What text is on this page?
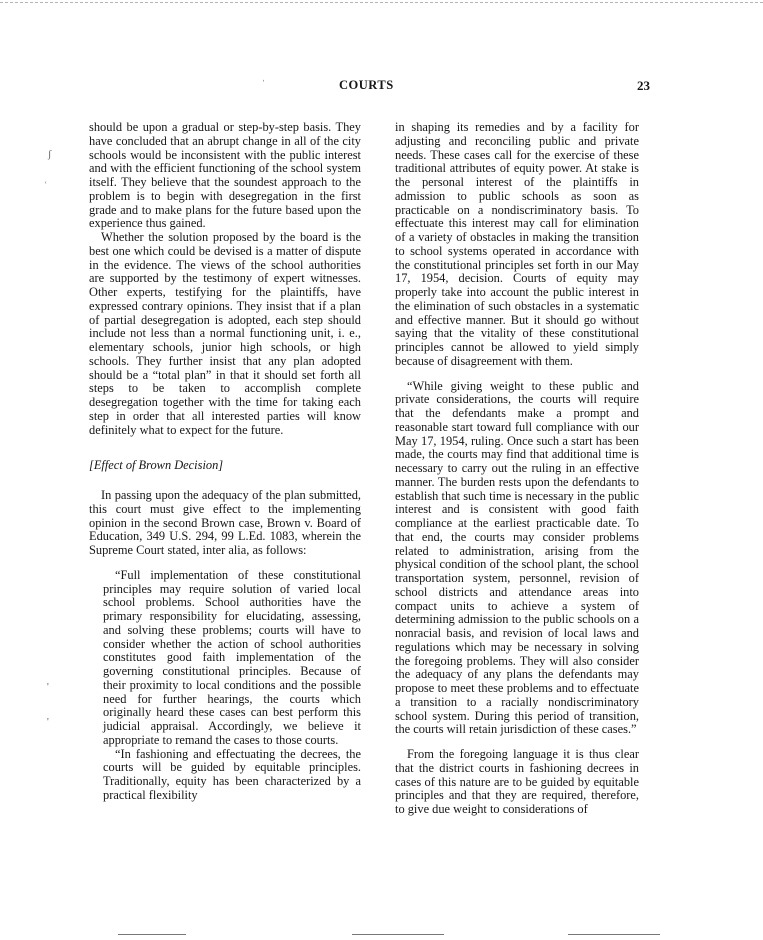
COURTS	23

should be upon a gradual or step-by-step basis. They have concluded that an abrupt change in all of the city schools would be inconsistent with the public interest and with the efficient functioning of the school system itself. They believe that the soundest approach to the problem is to begin with desegregation in the first grade and to make plans for the future based upon the experience thus gained.

Whether the solution proposed by the board is the best one which could be devised is a matter of dispute in the evidence. The views of the school authorities are supported by the testimony of expert witnesses. Other experts, testifying for the plaintiffs, have expressed contrary opinions. They insist that if a plan of partial desegregation is adopted, each step should include not less than a normal functioning unit, i. e., elementary schools, junior high schools, or high schools. They further insist that any plan adopted should be a “total plan” in that it should set forth all steps to be taken to accomplish complete desegregation together with the time for taking each step in order that all interested parties will know definitely what to expect for the future.

[Effect of Brown Decision]

In passing upon the adequacy of the plan submitted, this court must give effect to the implementing opinion in the second Brown case, Brown v. Board of Education, 349 U.S. 294, 99 L.Ed. 1083, wherein the Supreme Court stated, inter alia, as follows:

“Full implementation of these constitutional principles may require solution of varied local school problems. School authorities have the primary responsibility for elucidating, assessing, and solving these problems; courts will have to consider whether the action of school authorities constitutes good faith implementation of the governing constitutional principles. Because of their proximity to local conditions and the possible need for further hearings, the courts which originally heard these cases can best perform this judicial appraisal. Accordingly, we believe it appropriate to remand the cases to those courts.

“In fashioning and effectuating the decrees, the courts will be guided by equitable principles. Traditionally, equity has been characterized by a practical flexibility

in shaping its remedies and by a facility for adjusting and reconciling public and private needs. These cases call for the exercise of these traditional attributes of equity power. At stake is the personal interest of the plaintiffs in admission to public schools as soon as practicable on a nondiscriminatory basis. To effectuate this interest may call for elimination of a variety of obstacles in making the transition to school systems operated in accordance with the constitutional principles set forth in our May 17, 1954, decision. Courts of equity may properly take into account the public interest in the elimination of such obstacles in a systematic and effective manner. But it should go without saying that the vitality of these constitutional principles cannot be allowed to yield simply because of disagreement with them.

“While giving weight to these public and private considerations, the courts will require that the defendants make a prompt and reasonable start toward full compliance with our May 17, 1954, ruling. Once such a start has been made, the courts may find that additional time is necessary to carry out the ruling in an effective manner. The burden rests upon the defendants to establish that such time is necessary in the public interest and is consistent with good faith compliance at the earliest practicable date. To that end, the courts may consider problems related to administration, arising from the physical condition of the school plant, the school transportation system, personnel, revision of school districts and attendance areas into compact units to achieve a system of determining admission to the public schools on a nonracial basis, and revision of local laws and regulations which may be necessary in solving the foregoing problems. They will also consider the adequacy of any plans the defendants may propose to meet these problems and to effectuate a transition to a racially nondiscriminatory school system. During this period of transition, the courts will retain jurisdiction of these cases.”

From the foregoing language it is thus clear that the district courts in fashioning decrees in cases of this nature are to be guided by equitable principles and that they are required, therefore, to give due weight to considerations of

ʃ
ʿ
'
'
ˈ
